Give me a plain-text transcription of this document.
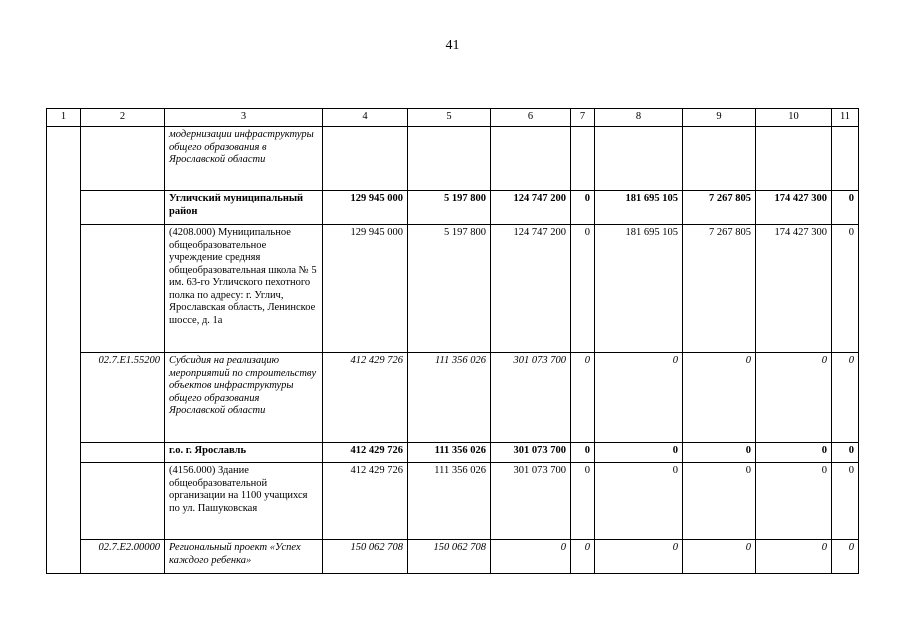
41
1	2	3	4	5	6	7	8	9	10	11
		модернизации инфраструктуры общего образования в Ярославской области								
		Угличский муниципальный район	129 945 000	5 197 800	124 747 200	0	181 695 105	7 267 805	174 427 300	0
		(4208.000) Муниципальное общеобразовательное учреждение средняя общеобразовательная школа № 5 им. 63-го Угличского пехотного полка по адресу: г. Углич, Ярославская область, Ленинское шоссе, д. 1а	129 945 000	5 197 800	124 747 200	0	181 695 105	7 267 805	174 427 300	0
	02.7.E1.55200	Субсидия на реализацию мероприятий по строительству объектов инфраструктуры общего образования Ярославской области	412 429 726	111 356 026	301 073 700	0	0	0	0	0
		г.о. г. Ярославль	412 429 726	111 356 026	301 073 700	0	0	0	0	0
		(4156.000) Здание общеобразовательной организации на 1100 учащихся по ул. Пашуковская	412 429 726	111 356 026	301 073 700	0	0	0	0	0
	02.7.E2.00000	Региональный проект «Успех каждого ребенка»	150 062 708	150 062 708	0	0	0	0	0	0
